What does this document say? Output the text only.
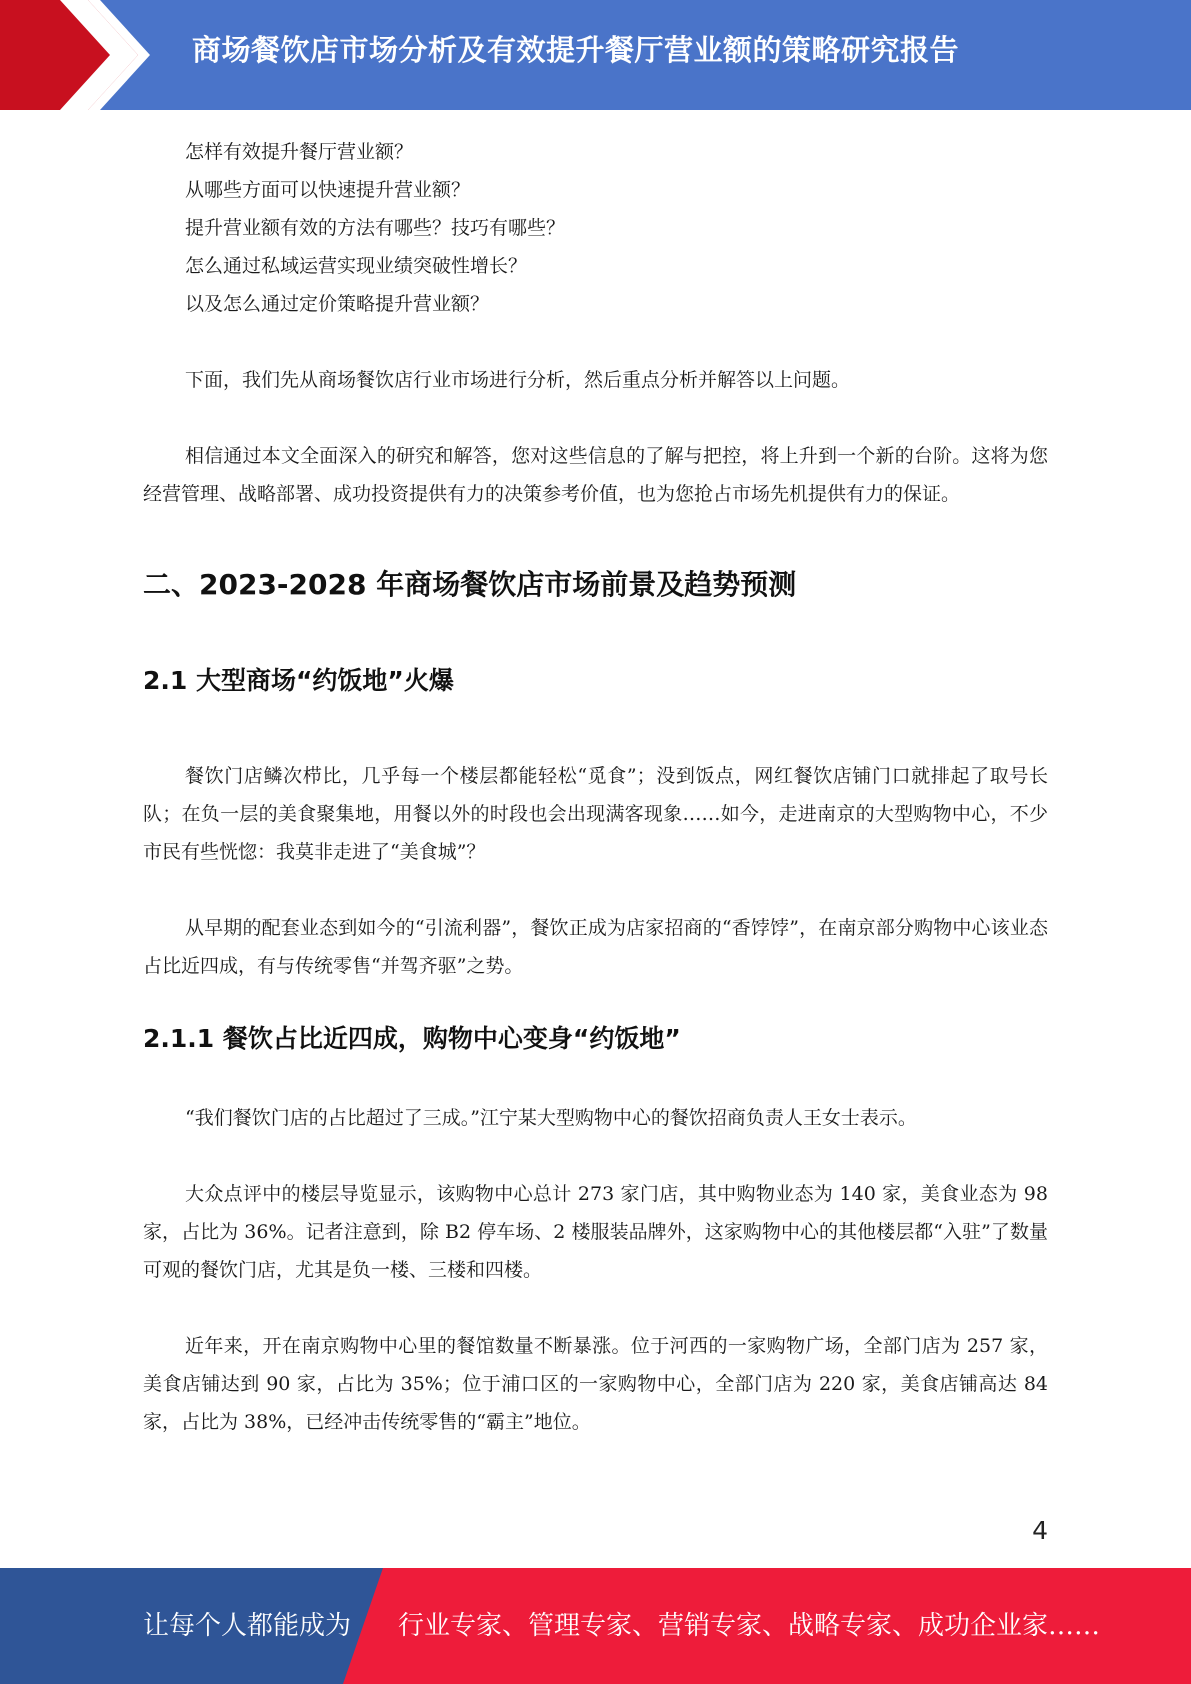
商场餐饮店市场分析及有效提升餐厅营业额的策略研究报告
怎样有效提升餐厅营业额？
从哪些方面可以快速提升营业额？
提升营业额有效的方法有哪些？技巧有哪些？
怎么通过私域运营实现业绩突破性增长？
以及怎么通过定价策略提升营业额？

下面，我们先从商场餐饮店行业市场进行分析，然后重点分析并解答以上问题。

相信通过本文全面深入的研究和解答，您对这些信息的了解与把控，将上升到一个新的台阶。这将为您经营管理、战略部署、成功投资提供有力的决策参考价值，也为您抢占市场先机提供有力的保证。

二、2023-2028 年商场餐饮店市场前景及趋势预测
2.1 大型商场“约饭地”火爆

餐饮门店鳞次栉比，几乎每一个楼层都能轻松“觅食”；没到饭点，网红餐饮店铺门口就排起了取号长队；在负一层的美食聚集地，用餐以外的时段也会出现满客现象……如今，走进南京的大型购物中心，不少市民有些恍惚：我莫非走进了“美食城”？

从早期的配套业态到如今的“引流利器”，餐饮正成为店家招商的“香饽饽”，在南京部分购物中心该业态占比近四成，有与传统零售“并驾齐驱”之势。

2.1.1 餐饮占比近四成，购物中心变身“约饭地”

“我们餐饮门店的占比超过了三成。”江宁某大型购物中心的餐饮招商负责人王女士表示。

大众点评中的楼层导览显示，该购物中心总计 273 家门店，其中购物业态为 140 家，美食业态为 98 家，占比为 36%。记者注意到，除 B2 停车场、2 楼服装品牌外，这家购物中心的其他楼层都“入驻”了数量可观的餐饮门店，尤其是负一楼、三楼和四楼。

近年来，开在南京购物中心里的餐馆数量不断暴涨。位于河西的一家购物广场，全部门店为 257 家，美食店铺达到 90 家，占比为 35%；位于浦口区的一家购物中心，全部门店为 220 家，美食店铺高达 84 家，占比为 38%，已经冲击传统零售的“霸主”地位。

4
让每个人都能成为 行业专家、管理专家、营销专家、战略专家、成功企业家……
